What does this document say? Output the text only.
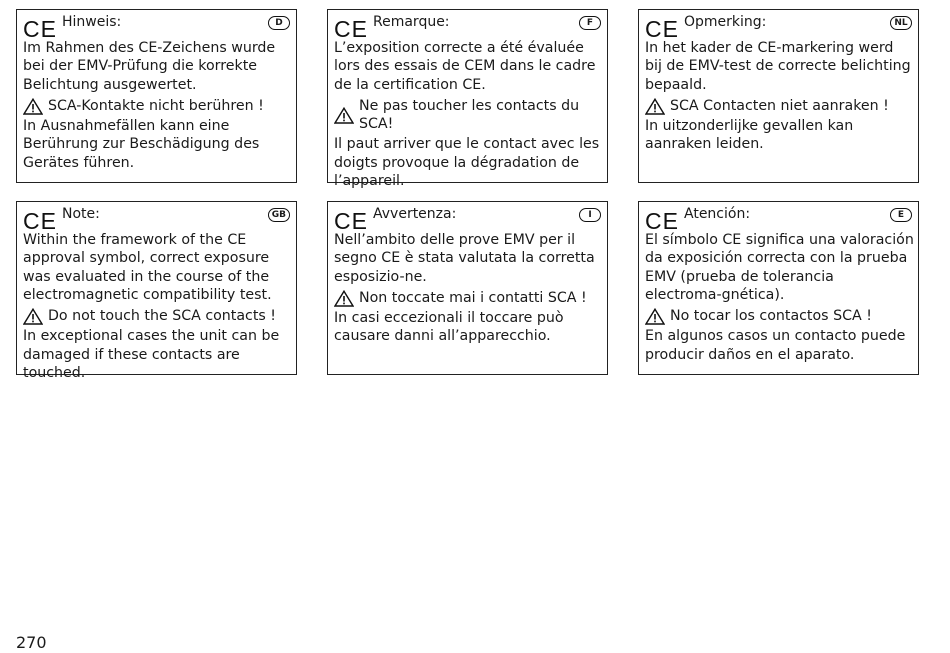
CE Hinweis:	D

Im Rahmen des CE-Zeichens wurde bei der EMV-Prüfung die korrekte Belichtung ausgewertet.

SCA-Kontakte nicht berühren !

In Ausnahmefällen kann eine Berührung zur Beschädigung des Gerätes führen.

CE Remarque:	F

L’exposition correcte a été évaluée lors des essais de CEM dans le cadre de la certification CE.

Ne pas toucher les contacts du SCA!

Il paut arriver que le contact avec les doigts provoque la dégradation de l’appareil.

CE Opmerking:	NL

In het kader de CE-markering werd bij de EMV-test de correcte belichting bepaald.

SCA Contacten niet aanraken !

In uitzonderlijke gevallen kan aanraken leiden.

CE Note:	GB

Within the framework of the CE approval symbol, correct exposure was evaluated in the course of the electromagnetic compatibility test.

Do not touch the SCA contacts !

In exceptional cases the unit can be damaged if these contacts are touched.

CE Avvertenza:	I

Nell’ambito delle prove EMV per il segno CE è stata valutata la corretta esposizio-ne.

Non toccate mai i contatti SCA !

In casi eccezionali il toccare può causare danni all’apparecchio.

CE Atención:	E

El símbolo CE significa una valoración da exposición correcta con la prueba EMV (prueba de tolerancia electroma-gnética).

No tocar los contactos SCA !

En algunos casos un contacto puede producir daños en el aparato.

270
